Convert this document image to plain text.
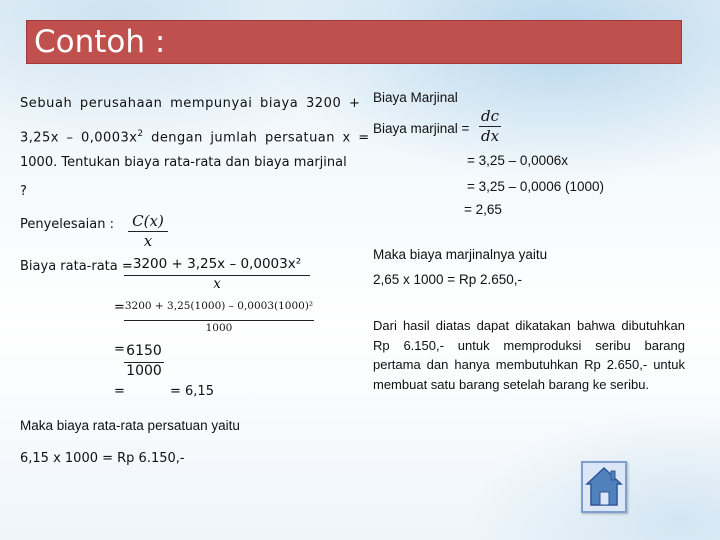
Contoh :
Sebuah perusahaan mempunyai biaya 3200 +
$3,25x - 0,0003x^2$ dengan jumlah persatuan x =
1000. Tentukan biaya rata-rata dan biaya marjinal
?
Penyelesaian : $\frac{C(x)}{x}$
Biaya rata-rata =
$\frac{\text{3200 + 3,25x – 0,0003x²}}{x}$
= $\frac{\text{3200 + 3,25(1000) – 0,0003(1000)²}}{1000}$
= $\frac{6150}{1000}$
=	= 6,15
Maka biaya rata-rata persatuan yaitu
6,15 x 1000 = Rp 6.150,-
Biaya Marjinal
Biaya marjinal = $\frac{dc}{dx}$
= 3,25 – 0,0006x
= 3,25 – 0,0006 (1000)
= 2,65
Maka biaya marjinalnya yaitu
2,65 x 1000 = Rp 2.650,-
Dari hasil diatas dapat dikatakan bahwa dibutuhkan Rp 6.150,- untuk memproduksi seribu barang pertama dan hanya membutuhkan Rp 2.650,- untuk membuat satu barang setelah barang ke seribu.
